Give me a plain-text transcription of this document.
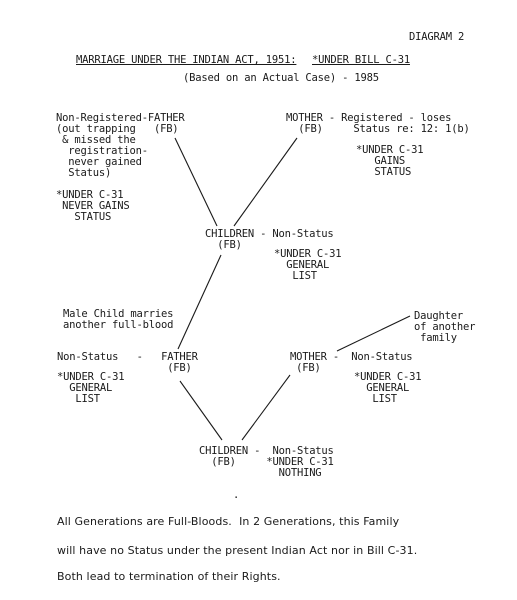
DIAGRAM 2
MARRIAGE UNDER THE INDIAN ACT, 1951: *UNDER BILL C-31
(Based on an Actual Case) - 1985
Non-Registered-FATHER
(out trapping   (FB)
& missed the
registration-
never gained
Status)
*UNDER C-31
NEVER GAINS
STATUS
MOTHER - Registered - loses
(FB)     Status re: 12: 1(b)
*UNDER C-31
GAINS
STATUS
CHILDREN - Non-Status
(FB)
*UNDER C-31
GENERAL
LIST
Male Child marries
another full-blood
Daughter
of another
family
Non-Status   -   FATHER
(FB)
*UNDER C-31
GENERAL
LIST
MOTHER -  Non-Status
(FB)
*UNDER C-31
GENERAL
LIST
CHILDREN -  Non-Status
(FB)     *UNDER C-31
NOTHING
.
All Generations are Full-Bloods.  In 2 Generations, this Family
will have no Status under the present Indian Act nor in Bill C-31.
Both lead to termination of their Rights.
